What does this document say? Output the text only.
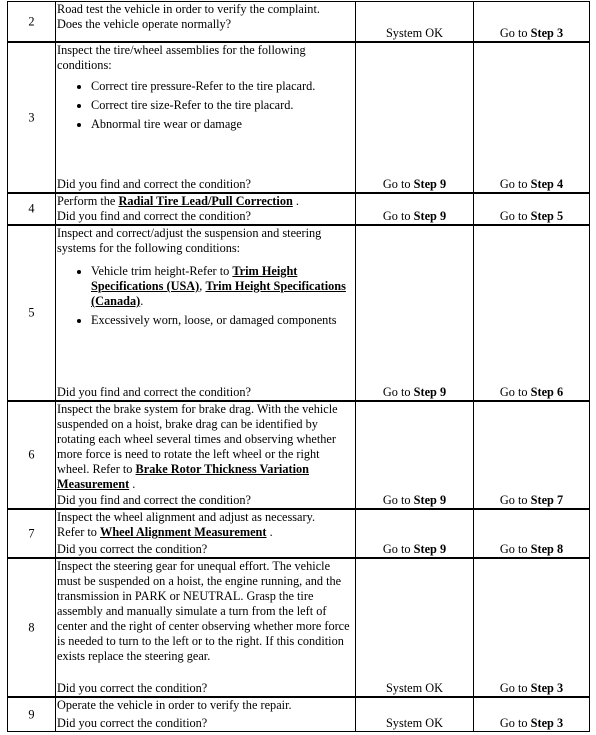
2
Road test the vehicle in order to verify the complaint.
Does the vehicle operate normally?
System OK	Go to Step 3
3
Inspect the tire/wheel assemblies for the following
conditions:
• Correct tire pressure-Refer to the tire placard.
• Correct tire size-Refer to the tire placard.
• Abnormal tire wear or damage
Did you find and correct the condition?	Go to Step 9	Go to Step 4
4
Perform the Radial Tire Lead/Pull Correction .
Did you find and correct the condition?	Go to Step 9	Go to Step 5
5
Inspect and correct/adjust the suspension and steering
systems for the following conditions:
• Vehicle trim height-Refer to Trim Height Specifications (USA), Trim Height Specifications (Canada).
• Excessively worn, loose, or damaged components
Did you find and correct the condition?	Go to Step 9	Go to Step 6
6
Inspect the brake system for brake drag. With the vehicle suspended on a hoist, brake drag can be identified by rotating each wheel several times and observing whether more force is need to rotate the left wheel or the right wheel. Refer to Brake Rotor Thickness Variation Measurement .
Did you find and correct the condition?	Go to Step 9	Go to Step 7
7
Inspect the wheel alignment and adjust as necessary.
Refer to Wheel Alignment Measurement .
Did you correct the condition?	Go to Step 9	Go to Step 8
8
Inspect the steering gear for unequal effort. The vehicle must be suspended on a hoist, the engine running, and the transmission in PARK or NEUTRAL. Grasp the tire assembly and manually simulate a turn from the left of center and the right of center observing whether more force is needed to turn to the left or to the right. If this condition exists replace the steering gear.
Did you correct the condition?	System OK	Go to Step 3
9
Operate the vehicle in order to verify the repair.
Did you correct the condition?	System OK	Go to Step 3
